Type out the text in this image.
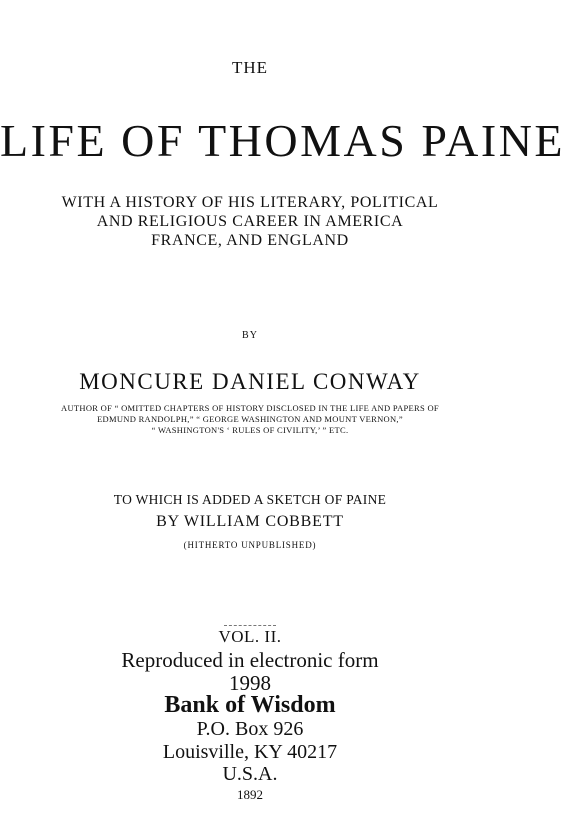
THE

LIFE OF THOMAS PAINE

WITH A HISTORY OF HIS LITERARY, POLITICAL

AND RELIGIOUS CAREER IN AMERICA

FRANCE, AND ENGLAND

BY

MONCURE DANIEL CONWAY

AUTHOR OF “ OMITTED CHAPTERS OF HISTORY DISCLOSED IN THE LIFE AND PAPERS OF

EDMUND RANDOLPH,” “ GEORGE WASHINGTON AND MOUNT VERNON,”

“ WASHINGTON'S ‘ RULES OF CIVILITY,’ ” ETC.

TO WHICH IS ADDED A SKETCH OF PAINE

BY WILLIAM COBBETT

(HITHERTO UNPUBLISHED)

VOL. II.

Reproduced in electronic form

1998

Bank of Wisdom

P.O. Box 926

Louisville, KY 40217

U.S.A.

1892
